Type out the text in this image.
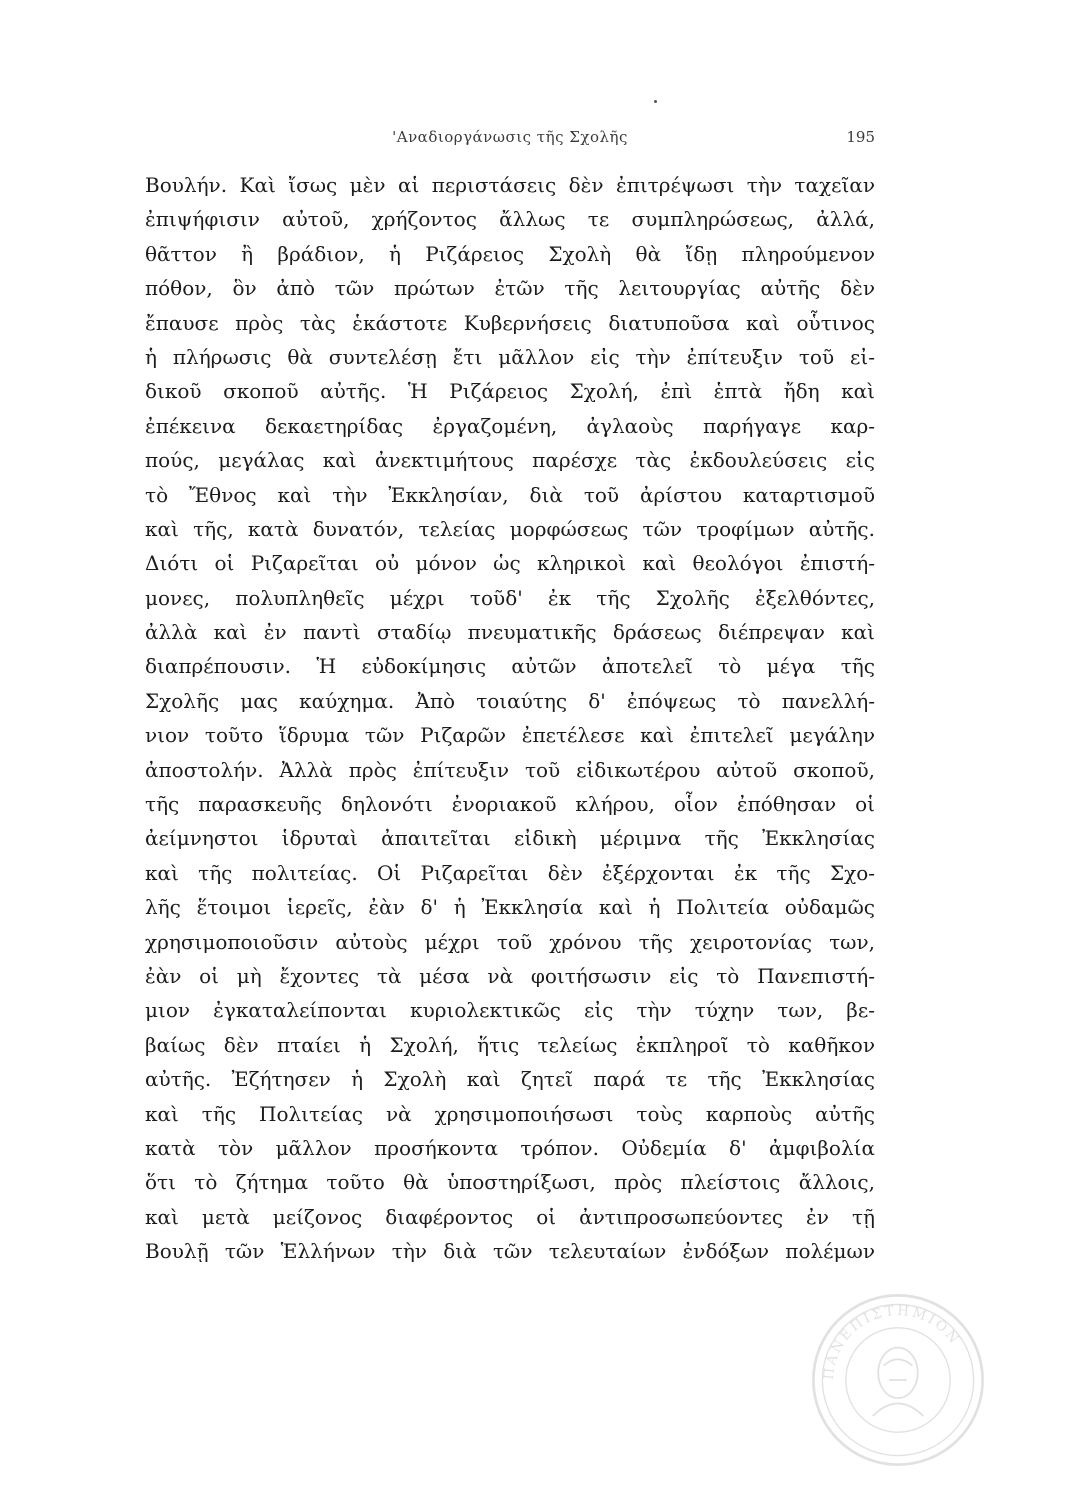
'Αναδιοργάνωσις τῆς Σχολῆς	195
Βουλήν. Καὶ ἴσως μὲν αἱ περιστάσεις δὲν ἐπιτρέψωσι τὴν ταχεῖαν
ἐπιψήφισιν αὐτοῦ, χρήζοντος ἄλλως τε συμπληρώσεως, ἀλλά,
θᾶττον ἢ βράδιον, ἡ Ριζάρειος Σχολὴ θὰ ἴδῃ πληρούμενον
πόθον, ὃν ἀπὸ τῶν πρώτων ἐτῶν τῆς λειτουργίας αὐτῆς δὲν
ἔπαυσε πρὸς τὰς ἑκάστοτε Κυβερνήσεις διατυποῦσα καὶ οὗτινος
ἡ πλήρωσις θὰ συντελέσῃ ἔτι μᾶλλον εἰς τὴν ἐπίτευξιν τοῦ εἰ-
δικοῦ σκοποῦ αὐτῆς. Ἡ Ριζάρειος Σχολή, ἐπὶ ἑπτὰ ἤδη καὶ
ἐπέκεινα δεκαετηρίδας ἐργαζομένη, ἀγλαοὺς παρήγαγε καρ-
πούς, μεγάλας καὶ ἀνεκτιμήτους παρέσχε τὰς ἐκδουλεύσεις εἰς
τὸ Ἔθνος καὶ τὴν Ἐκκλησίαν, διὰ τοῦ ἀρίστου καταρτισμοῦ
καὶ τῆς, κατὰ δυνατόν, τελείας μορφώσεως τῶν τροφίμων αὐτῆς.
Διότι οἱ Ριζαρεῖται οὐ μόνον ὡς κληρικοὶ καὶ θεολόγοι ἐπιστή-
μονες, πολυπληθεῖς μέχρι τοῦδ' ἐκ τῆς Σχολῆς ἐξελθόντες,
ἀλλὰ καὶ ἐν παντὶ σταδίῳ πνευματικῆς δράσεως διέπρεψαν καὶ
διαπρέπουσιν. Ἡ εὐδοκίμησις αὐτῶν ἀποτελεῖ τὸ μέγα τῆς
Σχολῆς μας καύχημα. Ἀπὸ τοιαύτης δ' ἐπόψεως τὸ πανελλή-
νιον τοῦτο ἵδρυμα τῶν Ριζαρῶν ἐπετέλεσε καὶ ἐπιτελεῖ μεγάλην
ἀποστολήν. Ἀλλὰ πρὸς ἐπίτευξιν τοῦ εἰδικωτέρου αὐτοῦ σκοποῦ,
τῆς παρασκευῆς δηλονότι ἐνοριακοῦ κλήρου, οἷον ἐπόθησαν οἱ
ἀείμνηστοι ἱδρυταὶ ἀπαιτεῖται εἰδικὴ μέριμνα τῆς Ἐκκλησίας
καὶ τῆς πολιτείας. Οἱ Ριζαρεῖται δὲν ἐξέρχονται ἐκ τῆς Σχο-
λῆς ἕτοιμοι ἱερεῖς, ἐὰν δ' ἡ Ἐκκλησία καὶ ἡ Πολιτεία οὐδαμῶς
χρησιμοποιοῦσιν αὐτοὺς μέχρι τοῦ χρόνου τῆς χειροτονίας των,
ἐὰν οἱ μὴ ἔχοντες τὰ μέσα νὰ φοιτήσωσιν εἰς τὸ Πανεπιστή-
μιον ἐγκαταλείπονται κυριολεκτικῶς εἰς τὴν τύχην των, βε-
βαίως δὲν πταίει ἡ Σχολή, ἥτις τελείως ἐκπληροῖ τὸ καθῆκον
αὐτῆς. Ἐζήτησεν ἡ Σχολὴ καὶ ζητεῖ παρά τε τῆς Ἐκκλησίας
καὶ τῆς Πολιτείας νὰ χρησιμοποιήσωσι τοὺς καρποὺς αὐτῆς
κατὰ τὸν μᾶλλον προσήκοντα τρόπον. Οὐδεμία δ' ἀμφιβολία
ὅτι τὸ ζήτημα τοῦτο θὰ ὑποστηρίξωσι, πρὸς πλείστοις ἄλλοις,
καὶ μετὰ μείζονος διαφέροντος οἱ ἀντιπροσωπεύοντες ἐν τῇ
Βουλῇ τῶν Ἑλλήνων τὴν διὰ τῶν τελευταίων ἐνδόξων πολέμων
ΠΑΝΕΠΙΣΤΗΜΙΟΝ
